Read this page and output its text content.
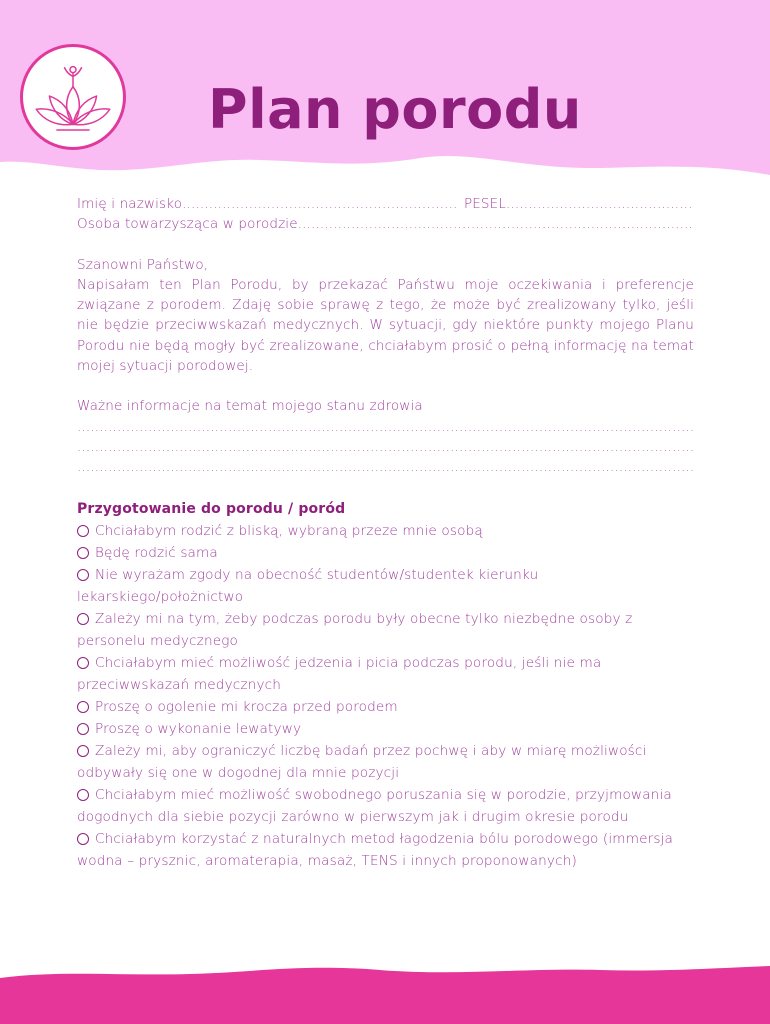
Plan porodu
Imię i nazwisko
.....	PESEL
.....
Osoba towarzysząca w porodzie
.....
Szanowni Państwo,
Napisałam ten Plan Porodu, by przekazać Państwu moje oczekiwania i preferencje związane z porodem. Zdaję sobie sprawę z tego, że może być zrealizowany tylko, jeśli nie będzie przeciwwskazań medycznych. W sytuacji, gdy niektóre punkty mojego Planu Porodu nie będą mogły być zrealizowane, chciałabym prosić o pełną informację na temat mojej sytuacji porodowej.
Ważne informacje na temat mojego stanu zdrowia
.....
.....
.....
Przygotowanie do porodu / poród
Chciałabym rodzić z bliską, wybraną przeze mnie osobą
Będę rodzić sama
Nie wyrażam zgody na obecność studentów/studentek kierunku lekarskiego/położnictwo
Zależy mi na tym, żeby podczas porodu były obecne tylko niezbędne osoby z personelu medycznego
Chciałabym mieć możliwość jedzenia i picia podczas porodu, jeśli nie ma przeciwwskazań medycznych
Proszę o ogolenie mi krocza przed porodem
Proszę o wykonanie lewatywy
Zależy mi, aby ograniczyć liczbę badań przez pochwę i aby w miarę możliwości odbywały się one w dogodnej dla mnie pozycji
Chciałabym mieć możliwość swobodnego poruszania się w porodzie, przyjmowania dogodnych dla siebie pozycji zarówno w pierwszym jak i drugim okresie porodu
Chciałabym korzystać z naturalnych metod łagodzenia bólu porodowego (immersja wodna – prysznic, aromaterapia, masaż, TENS i innych proponowanych)
